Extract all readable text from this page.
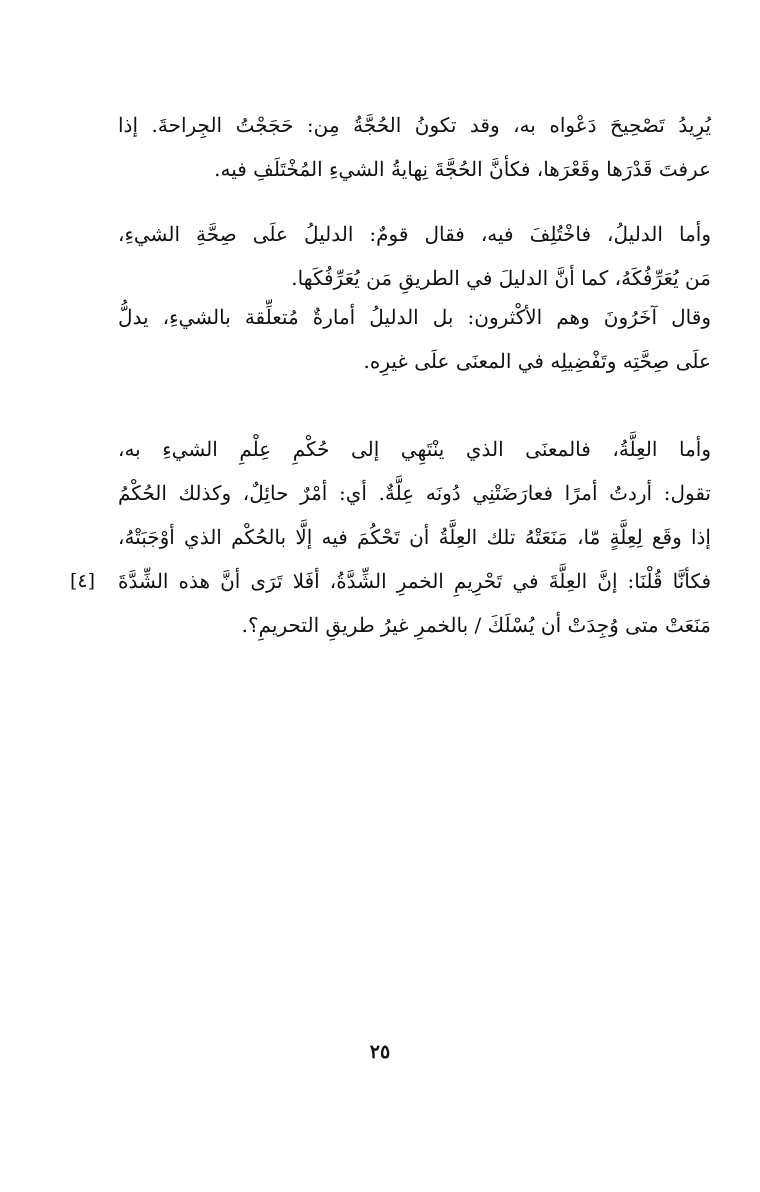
يُرِيدُ تَصْحِيحَ دَعْواه به، وقد تكونُ الحُجَّةُ مِن: حَجَجْتُ الجِراحةَ. إذا
عرفتَ قَدْرَها وقَعْرَها، فكأنَّ الحُجَّةَ نِهايةُ الشيءِ المُخْتَلَفِ فيه.
وأما الدليلُ، فاخْتُلِفَ فيه، فقال قومٌ: الدليلُ علَى صِحَّةِ الشيءِ،
مَن يُعَرِّفُكَهُ، كما أنَّ الدليلَ في الطريقِ مَن يُعَرِّفُكَها.
وقال آخَرُونَ وهم الأكْثرون: بل الدليلُ أمارةٌ مُتعلِّقة بالشيءِ، يدلُّ
علَى صِحَّتِه وتَفْضِيلِه في المعنَى علَى غيرِه.
وأما العِلَّةُ، فالمعنَى الذي ينْتَهِي إلى حُكْمِ عِلْمِ الشيءِ به،
تقول: أردتُ أمرًا فعارَضَتْنِي دُونَه عِلَّةٌ. أي: أمْرٌ حائِلٌ، وكذلك الحُكْمُ
إذا وقَع لِعِلَّةٍ مّا، مَنَعَتْهُ تلك العِلَّةُ أن تَحْكُمَ فيه إلَّا بالحُكْم الذي أوْجَبَتْهُ،
فكأنَّا قُلْنَا: إنَّ العِلَّةَ في تَحْرِيمِ الخمرِ الشِّدَّةُ، أفَلا تَرَى أنَّ هذه الشِّدَّةَ
مَنَعَتْ متى وُجِدَتْ أن يُسْلَكَ / بالخمرِ غيرُ طريقِ التحريمِ؟.
[٤]
٢٥
